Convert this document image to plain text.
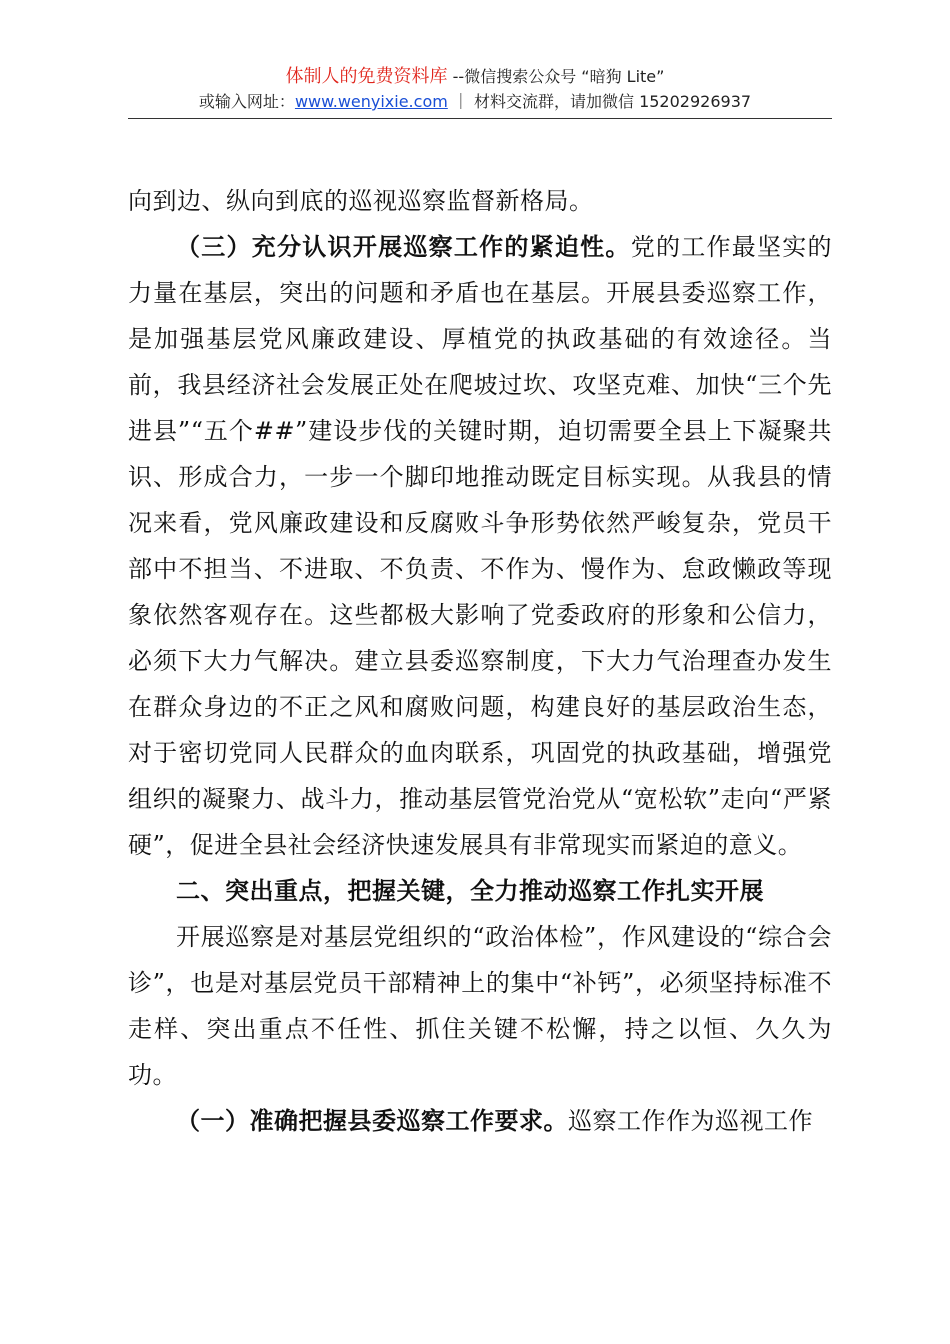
体制人的免费资料库 --微信搜索公众号 “暗狗 Lite”
或输入网址：www.wenyixie.com ｜ 材料交流群，请加微信 15202926937

向到边、纵向到底的巡视巡察监督新格局。

（三）充分认识开展巡察工作的紧迫性。党的工作最坚实的力量在基层，突出的问题和矛盾也在基层。开展县委巡察工作，是加强基层党风廉政建设、厚植党的执政基础的有效途径。当前，我县经济社会发展正处在爬坡过坎、攻坚克难、加快“三个先进县”“五个##”建设步伐的关键时期，迫切需要全县上下凝聚共识、形成合力，一步一个脚印地推动既定目标实现。从我县的情况来看，党风廉政建设和反腐败斗争形势依然严峻复杂，党员干部中不担当、不进取、不负责、不作为、慢作为、怠政懒政等现象依然客观存在。这些都极大影响了党委政府的形象和公信力，必须下大力气解决。建立县委巡察制度，下大力气治理查办发生在群众身边的不正之风和腐败问题，构建良好的基层政治生态，对于密切党同人民群众的血肉联系，巩固党的执政基础，增强党组织的凝聚力、战斗力，推动基层管党治党从“宽松软”走向“严紧硬”，促进全县社会经济快速发展具有非常现实而紧迫的意义。

二、突出重点，把握关键，全力推动巡察工作扎实开展

开展巡察是对基层党组织的“政治体检”，作风建设的“综合会诊”，也是对基层党员干部精神上的集中“补钙”，必须坚持标准不走样、突出重点不任性、抓住关键不松懈，持之以恒、久久为功。

（一）准确把握县委巡察工作要求。巡察工作作为巡视工作
